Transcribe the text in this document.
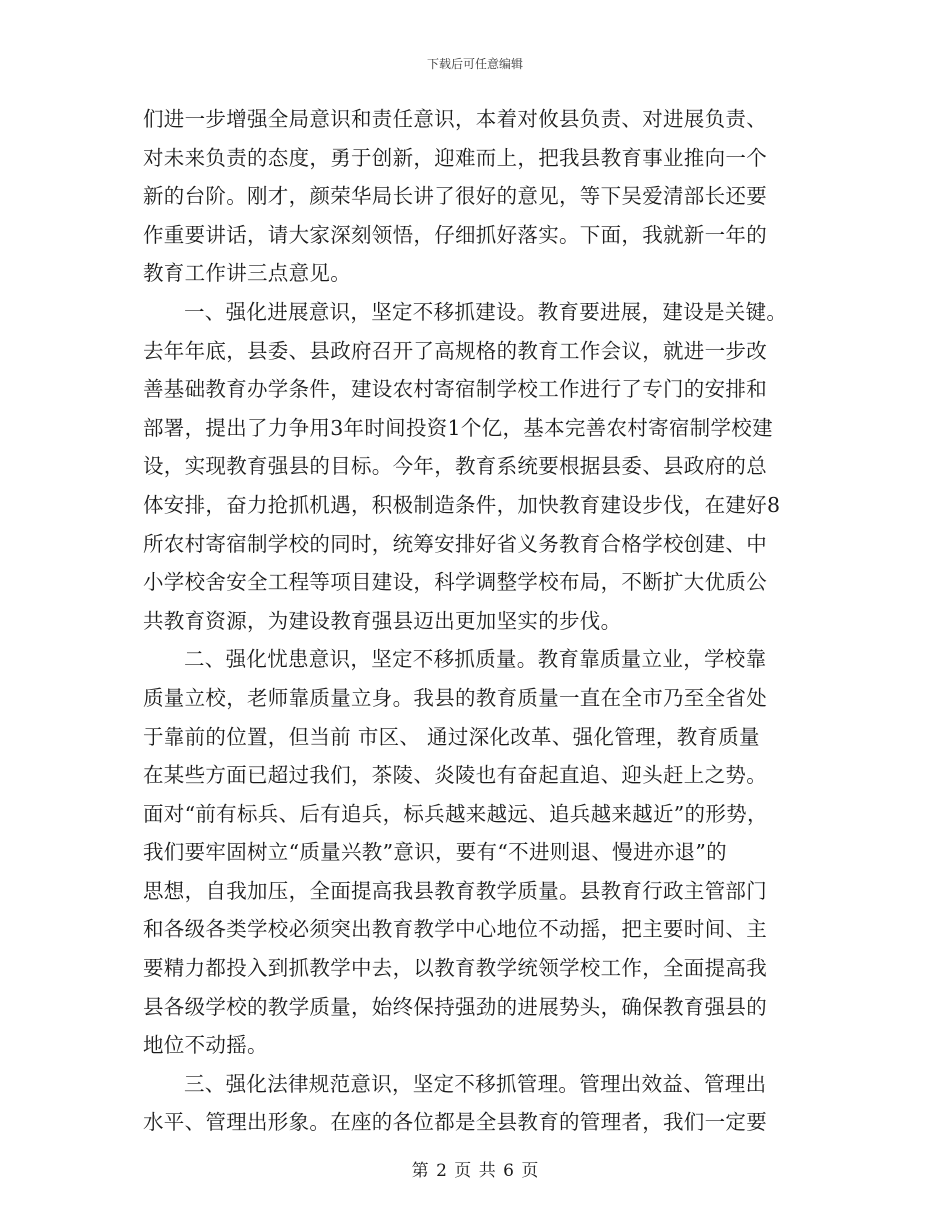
下载后可任意编辑
们进一步增强全局意识和责任意识，本着对攸县负责、对进展负责、
对未来负责的态度，勇于创新，迎难而上，把我县教育事业推向一个
新的台阶。刚才，颜荣华局长讲了很好的意见，等下吴爱清部长还要
作重要讲话，请大家深刻领悟，仔细抓好落实。下面，我就新一年的
教育工作讲三点意见。
一、强化进展意识，坚定不移抓建设。教育要进展，建设是关键。
去年年底，县委、县政府召开了高规格的教育工作会议，就进一步改
善基础教育办学条件，建设农村寄宿制学校工作进行了专门的安排和
部署，提出了力争用3年时间投资1个亿，基本完善农村寄宿制学校建
设，实现教育强县的目标。今年，教育系统要根据县委、县政府的总
体安排，奋力抢抓机遇，积极制造条件，加快教育建设步伐，在建好8
所农村寄宿制学校的同时，统筹安排好省义务教育合格学校创建、中
小学校舍安全工程等项目建设，科学调整学校布局，不断扩大优质公
共教育资源，为建设教育强县迈出更加坚实的步伐。
二、强化忧患意识，坚定不移抓质量。教育靠质量立业，学校靠
质量立校，老师靠质量立身。我县的教育质量一直在全市乃至全省处
于靠前的位置，但当前 市区、 通过深化改革、强化管理，教育质量
在某些方面已超过我们，茶陵、炎陵也有奋起直追、迎头赶上之势。
面对“前有标兵、后有追兵，标兵越来越远、追兵越来越近”的形势，
我们要牢固树立“质量兴教”意识，要有“不进则退、慢进亦退”的
思想，自我加压，全面提高我县教育教学质量。县教育行政主管部门
和各级各类学校必须突出教育教学中心地位不动摇，把主要时间、主
要精力都投入到抓教学中去，以教育教学统领学校工作，全面提高我
县各级学校的教学质量，始终保持强劲的进展势头，确保教育强县的
地位不动摇。
三、强化法律规范意识，坚定不移抓管理。管理出效益、管理出
水平、管理出形象。在座的各位都是全县教育的管理者，我们一定要
第 2 页 共 6 页
